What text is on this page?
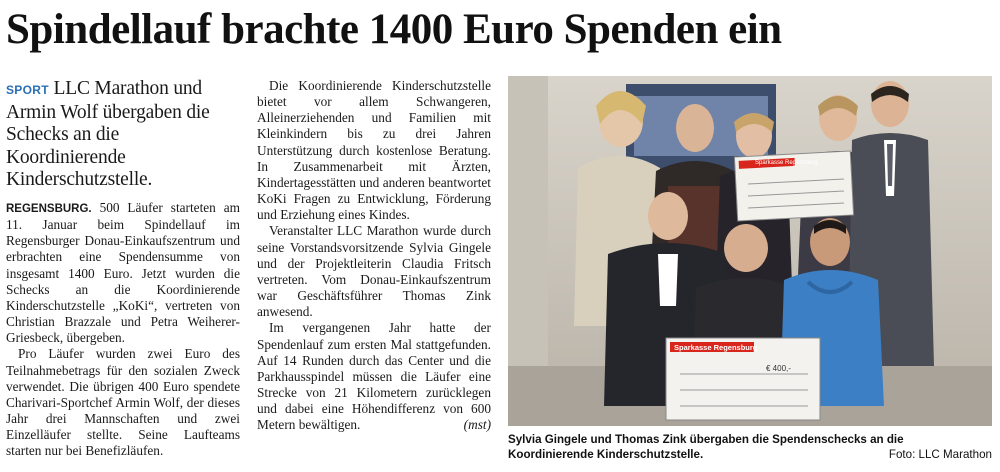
Spindellauf brachte 1400 Euro Spenden ein

SPORT LLC Marathon und Armin Wolf übergaben die Schecks an die Koordinierende Kinderschutzstelle.

REGENSBURG. 500 Läufer starteten am 11. Januar beim Spindellauf im Regensburger Donau-Einkaufszentrum und erbrachten eine Spendensumme von insgesamt 1400 Euro. Jetzt wurden die Schecks an die Koordinierende Kinderschutzstelle „KoKi“, vertreten von Christian Brazzale und Petra Weiherer-Griesbeck, übergeben.

Pro Läufer wurden zwei Euro des Teilnahmebetrags für den sozialen Zweck verwendet. Die übrigen 400 Euro spendete Charivari-Sportchef Armin Wolf, der dieses Jahr drei Mannschaften und zwei Einzelläufer stellte. Seine Laufteams starten nur bei Benefizläufen.

Die Koordinierende Kinderschutzstelle bietet vor allem Schwangeren, Alleinerziehenden und Familien mit Kleinkindern bis zu drei Jahren Unterstützung durch kostenlose Beratung. In Zusammenarbeit mit Ärzten, Kindertagesstätten und anderen beantwortet KoKi Fragen zu Entwicklung, Förderung und Erziehung eines Kindes.

Veranstalter LLC Marathon wurde durch seine Vorstandsvorsitzende Sylvia Gingele und der Projektleiterin Claudia Fritsch vertreten. Vom Donau-Einkaufszentrum war Geschäftsführer Thomas Zink anwesend.

Im vergangenen Jahr hatte der Spendenlauf zum ersten Mal stattgefunden. Auf 14 Runden durch das Center und die Parkhausspindel müssen die Läufer eine Strecke von 21 Kilometern zurücklegen und dabei eine Höhendifferenz von 600 Metern bewältigen.	(mst)

Sparkasse Regensburg
Sparkasse Regensburg
€ 400,-
Sylvia Gingele und Thomas Zink übergaben die Spendenschecks an die Koordinierende Kinderschutzstelle.	Foto: LLC Marathon
